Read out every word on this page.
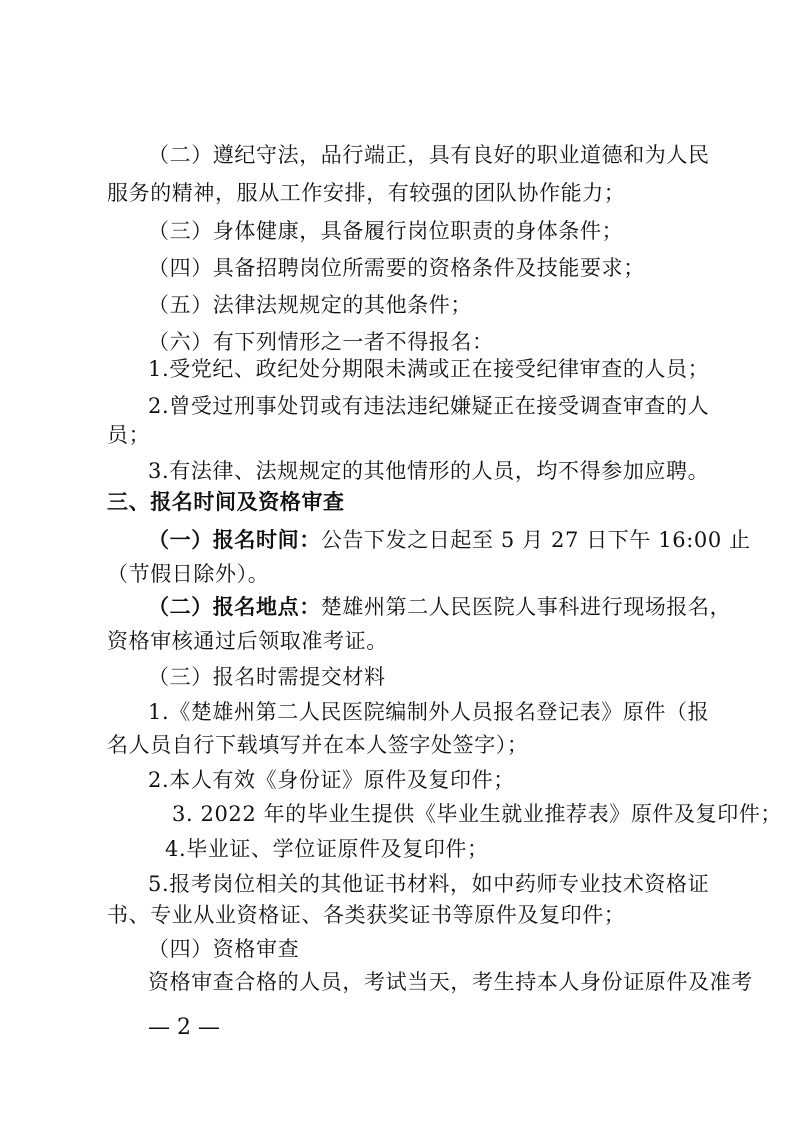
（二）遵纪守法，品行端正，具有良好的职业道德和为人民
服务的精神，服从工作安排，有较强的团队协作能力；
（三）身体健康，具备履行岗位职责的身体条件；
（四）具备招聘岗位所需要的资格条件及技能要求；
（五）法律法规规定的其他条件；
（六）有下列情形之一者不得报名：
1.受党纪、政纪处分期限未满或正在接受纪律审查的人员；
2.曾受过刑事处罚或有违法违纪嫌疑正在接受调查审查的人
员；
3.有法律、法规规定的其他情形的人员，均不得参加应聘。
三、报名时间及资格审查
（一）报名时间：公告下发之日起至 5 月 27 日下午 16:00 止
（节假日除外）。
（二）报名地点：楚雄州第二人民医院人事科进行现场报名，
资格审核通过后领取准考证。
（三）报名时需提交材料
1.《楚雄州第二人民医院编制外人员报名登记表》原件（报
名人员自行下载填写并在本人签字处签字）；
2.本人有效《身份证》原件及复印件；
3. 2022 年的毕业生提供《毕业生就业推荐表》原件及复印件；
4.毕业证、学位证原件及复印件；
5.报考岗位相关的其他证书材料，如中药师专业技术资格证
书、专业从业资格证、各类获奖证书等原件及复印件；
（四）资格审查
资格审查合格的人员，考试当天，考生持本人身份证原件及准考
— 2 —
